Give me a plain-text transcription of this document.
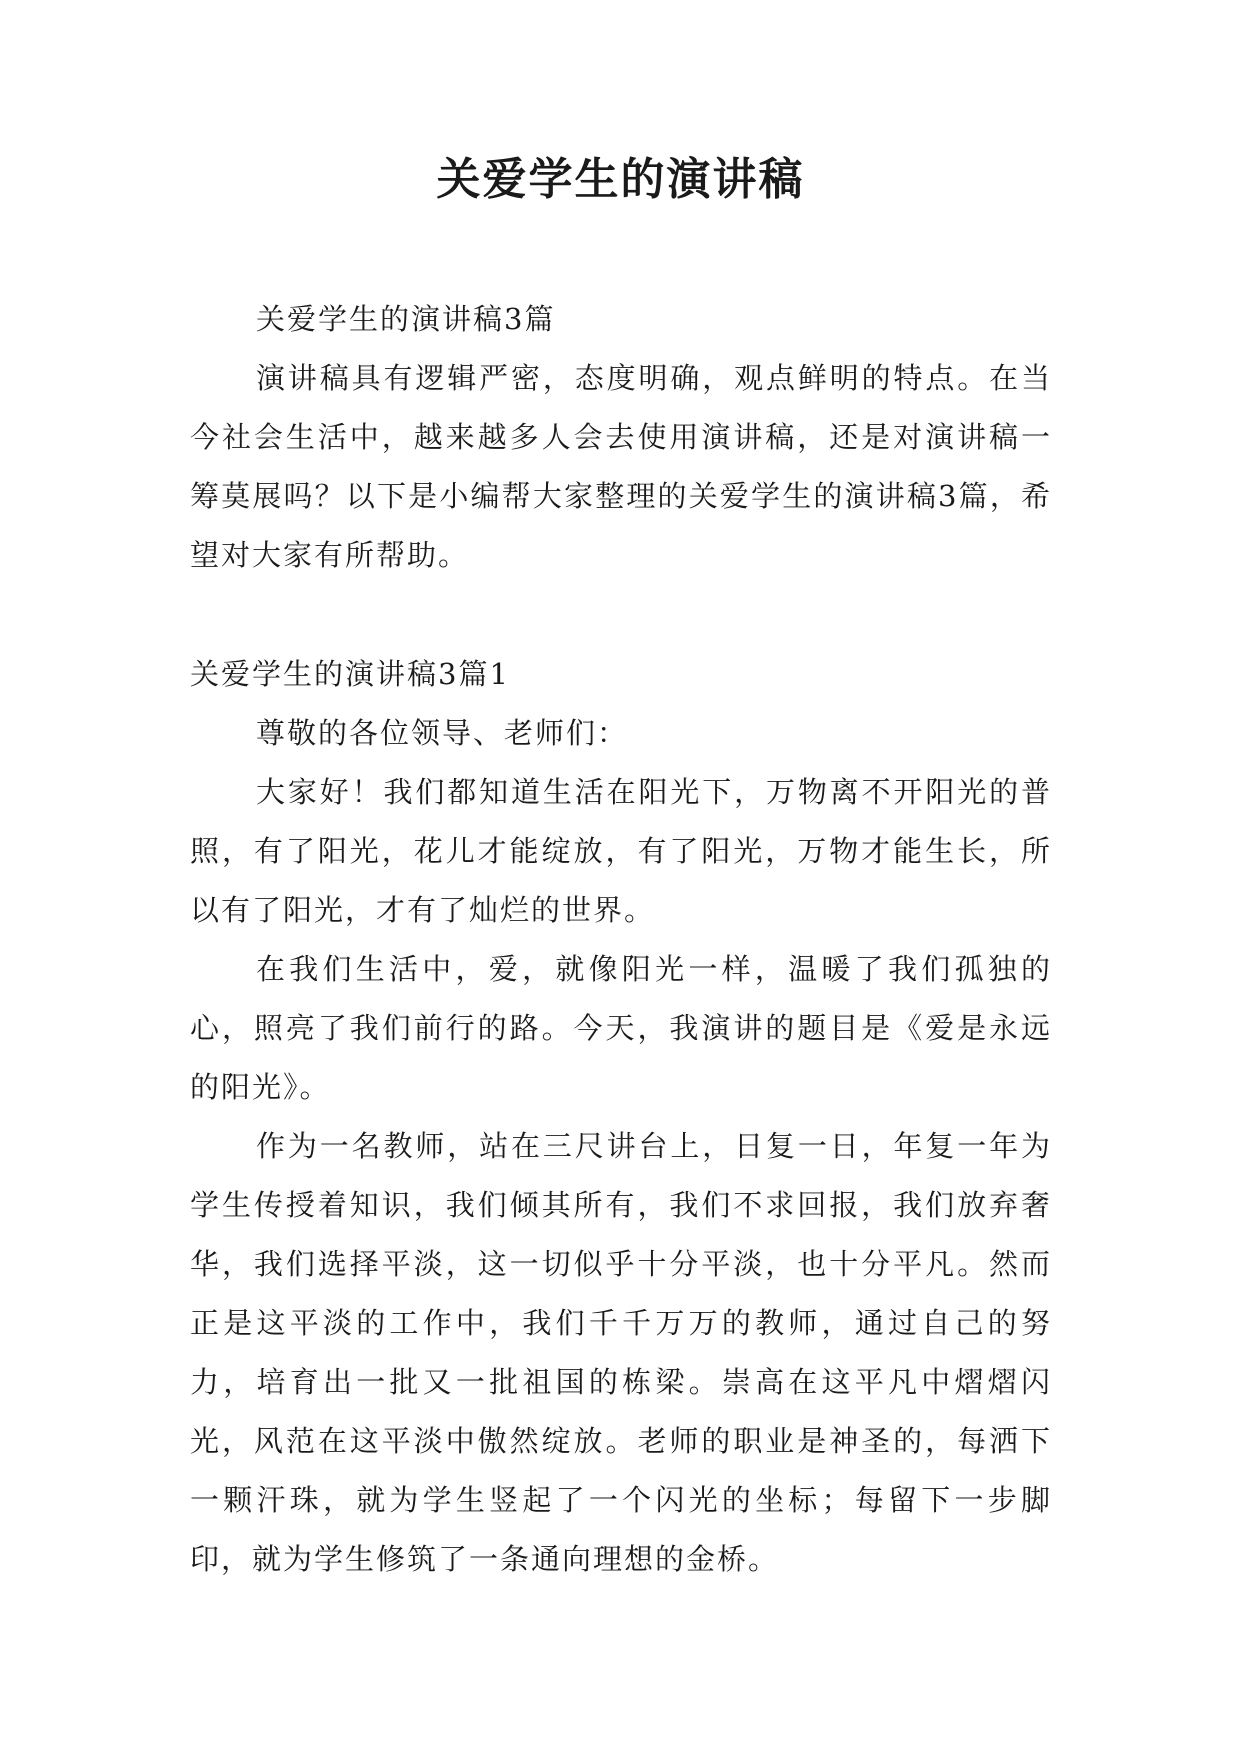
关爱学生的演讲稿

关爱学生的演讲稿3篇

演讲稿具有逻辑严密，态度明确，观点鲜明的特点。在当今社会生活中，越来越多人会去使用演讲稿，还是对演讲稿一筹莫展吗？以下是小编帮大家整理的关爱学生的演讲稿3篇，希望对大家有所帮助。

关爱学生的演讲稿3篇1

尊敬的各位领导、老师们：

大家好！我们都知道生活在阳光下，万物离不开阳光的普照，有了阳光，花儿才能绽放，有了阳光，万物才能生长，所以有了阳光，才有了灿烂的世界。

在我们生活中，爱，就像阳光一样，温暖了我们孤独的心，照亮了我们前行的路。今天，我演讲的题目是《爱是永远的阳光》。

作为一名教师，站在三尺讲台上，日复一日，年复一年为学生传授着知识，我们倾其所有，我们不求回报，我们放弃奢华，我们选择平淡，这一切似乎十分平淡，也十分平凡。然而正是这平淡的工作中，我们千千万万的教师，通过自己的努力，培育出一批又一批祖国的栋梁。崇高在这平凡中熠熠闪光，风范在这平淡中傲然绽放。老师的职业是神圣的，每洒下一颗汗珠，就为学生竖起了一个闪光的坐标；每留下一步脚印，就为学生修筑了一条通向理想的金桥。
